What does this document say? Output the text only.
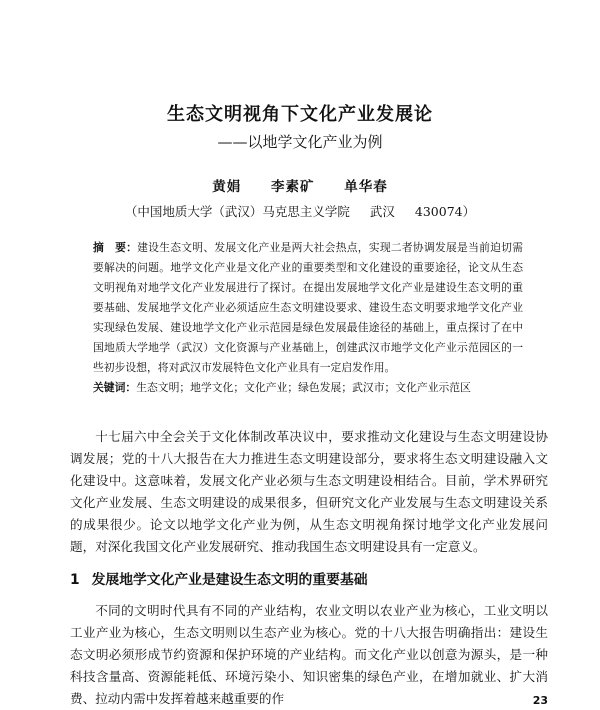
生态文明视角下文化产业发展论
——以地学文化产业为例
黄娟 李素矿 单华春
（中国地质大学（武汉）马克思主义学院 武汉 430074）
摘　要：建设生态文明、发展文化产业是两大社会热点，实现二者协调发展是当前迫切需要解决的问题。地学文化产业是文化产业的重要类型和文化建设的重要途径，论文从生态文明视角对地学文化产业发展进行了探讨。在提出发展地学文化产业是建设生态文明的重要基础、发展地学文化产业必须适应生态文明建设要求、建设生态文明要求地学文化产业实现绿色发展、建设地学文化产业示范园是绿色发展最佳途径的基础上，重点探讨了在中国地质大学地学（武汉）文化资源与产业基础上，创建武汉市地学文化产业示范园区的一些初步设想，将对武汉市发展特色文化产业具有一定启发作用。
关键词：生态文明；地学文化；文化产业；绿色发展；武汉市；文化产业示范区
十七届六中全会关于文化体制改革决议中，要求推动文化建设与生态文明建设协调发展；党的十八大报告在大力推进生态文明建设部分，要求将生态文明建设融入文化建设中。这意味着，发展文化产业必须与生态文明建设相结合。目前，学术界研究文化产业发展、生态文明建设的成果很多，但研究文化产业发展与生态文明建设关系的成果很少。论文以地学文化产业为例，从生态文明视角探讨地学文化产业发展问题，对深化我国文化产业发展研究、推动我国生态文明建设具有一定意义。
1 发展地学文化产业是建设生态文明的重要基础
不同的文明时代具有不同的产业结构，农业文明以农业产业为核心，工业文明以工业产业为核心，生态文明则以生态产业为核心。党的十八大报告明确指出：建设生态文明必须形成节约资源和保护环境的产业结构。而文化产业以创意为源头，是一种科技含量高、资源能耗低、环境污染小、知识密集的绿色产业，在增加就业、扩大消费、拉动内需中发挥着越来越重要的作	23
